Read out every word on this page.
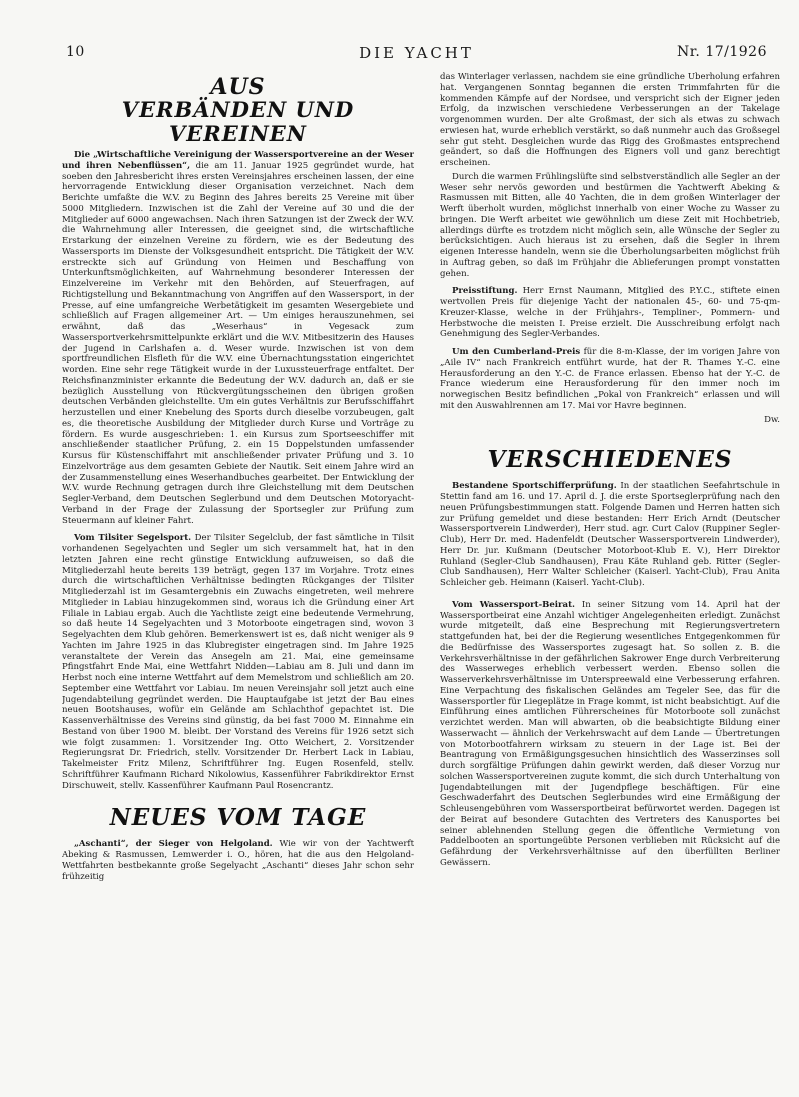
10	DIE YACHT	Nr. 17/1926
AUS
VERBÄNDEN UND VEREINEN

Die „Wirtschaftliche Vereinigung der Wassersportvereine an der Weser und ihren Nebenflüssen“, die am 11. Januar 1925 gegründet wurde, hat soeben den Jahresbericht ihres ersten Vereinsjahres erscheinen lassen, der eine hervorragende Entwicklung dieser Organisation verzeichnet. Nach dem Berichte umfaßte die W.V. zu Beginn des Jahres bereits 25 Vereine mit über 5000 Mitgliedern. Inzwischen ist die Zahl der Vereine auf 30 und die der Mitglieder auf 6000 angewachsen. Nach ihren Satzungen ist der Zweck der W.V. die Wahrnehmung aller Interessen, die geeignet sind, die wirtschaftliche Erstarkung der einzelnen Vereine zu fördern, wie es der Bedeutung des Wassersports im Dienste der Volksgesundheit entspricht. Die Tätigkeit der W.V. erstreckte sich auf Gründung von Heimen und Beschaffung von Unterkunftsmöglichkeiten, auf Wahrnehmung besonderer Interessen der Einzelvereine im Verkehr mit den Behörden, auf Steuerfragen, auf Richtigstellung und Bekanntmachung von Angriffen auf den Wassersport, in der Presse, auf eine umfangreiche Werbetätigkeit im gesamten Wesergebiete und schließlich auf Fragen allgemeiner Art. — Um einiges herauszunehmen, sei erwähnt, daß das „Weserhaus“ in Vegesack zum Wassersportverkehrsmittelpunkte erklärt und die W.V. Mitbesitzerin des Hauses der Jugend in Carlshafen a. d. Weser wurde. Inzwischen ist von dem sportfreundlichen Elsfleth für die W.V. eine Übernachtungsstation eingerichtet worden. Eine sehr rege Tätigkeit wurde in der Luxussteuerfrage entfaltet. Der Reichsfinanzminister erkannte die Bedeutung der W.V. dadurch an, daß er sie bezüglich Ausstellung von Rückvergütungsscheinen den übrigen großen deutschen Verbänden gleichstellte. Um ein gutes Verhältnis zur Berufsschiffahrt herzustellen und einer Knebelung des Sports durch dieselbe vorzubeugen, galt es, die theoretische Ausbildung der Mitglieder durch Kurse und Vorträge zu fördern. Es wurde ausgeschrieben: 1. ein Kursus zum Sportseeschiffer mit anschließender staatlicher Prüfung, 2. ein 15 Doppelstunden umfassender Kursus für Küstenschiffahrt mit anschließender privater Prüfung und 3. 10 Einzelvorträge aus dem gesamten Gebiete der Nautik. Seit einem Jahre wird an der Zusammenstellung eines Weserhandbuches gearbeitet. Der Entwicklung der W.V. wurde Rechnung getragen durch ihre Gleichstellung mit dem Deutschen Segler-Verband, dem Deutschen Seglerbund und dem Deutschen Motoryacht-Verband in der Frage der Zulassung der Sportsegler zur Prüfung zum Steuermann auf kleiner Fahrt.

Vom Tilsiter Segelsport. Der Tilsiter Segelclub, der fast sämtliche in Tilsit vorhandenen Segelyachten und Segler um sich versammelt hat, hat in den letzten Jahren eine recht günstige Entwicklung aufzuweisen, so daß die Mitgliederzahl heute bereits 139 beträgt, gegen 137 im Vorjahre. Trotz eines durch die wirtschaftlichen Verhältnisse bedingten Rückganges der Tilsiter Mitgliederzahl ist im Gesamtergebnis ein Zuwachs eingetreten, weil mehrere Mitglieder in Labiau hinzugekommen sind, woraus ich die Gründung einer Art Filiale in Labiau ergab. Auch die Yachtliste zeigt eine bedeutende Vermehrung, so daß heute 14 Segelyachten und 3 Motorboote eingetragen sind, wovon 3 Segelyachten dem Klub gehören. Bemerkenswert ist es, daß nicht weniger als 9 Yachten im Jahre 1925 in das Klubregister eingetragen sind. Im Jahre 1925 veranstaltete der Verein das Ansegeln am 21. Mai, eine gemeinsame Pfingstfahrt Ende Mai, eine Wettfahrt Nidden—Labiau am 8. Juli und dann im Herbst noch eine interne Wettfahrt auf dem Memelstrom und schließlich am 20. September eine Wettfahrt vor Labiau. Im neuen Vereinsjahr soll jetzt auch eine Jugendabteilung gegründet werden. Die Hauptaufgabe ist jetzt der Bau eines neuen Bootshauses, wofür ein Gelände am Schlachthof gepachtet ist. Die Kassenverhältnisse des Vereins sind günstig, da bei fast 7000 M. Einnahme ein Bestand von über 1900 M. bleibt. Der Vorstand des Vereins für 1926 setzt sich wie folgt zusammen: 1. Vorsitzender Ing. Otto Weichert, 2. Vorsitzender Regierungsrat Dr. Friedrich, stellv. Vorsitzender Dr. Herbert Lack in Labiau, Takelmeister Fritz Milenz, Schriftführer Ing. Eugen Rosenfeld, stellv. Schriftführer Kaufmann Richard Nikolowius, Kassenführer Fabrikdirektor Ernst Dirschuweit, stellv. Kassenführer Kaufmann Paul Rosencrantz.

NEUES VOM TAGE

„Aschanti“, der Sieger von Helgoland. Wie wir von der Yachtwerft Abeking & Rasmussen, Lemwerder i. O., hören, hat die aus den Helgoland-Wettfahrten bestbekannte große Segelyacht „Aschanti“ dieses Jahr schon sehr frühzeitig

das Winterlager verlassen, nachdem sie eine gründliche Überholung erfahren hat. Vergangenen Sonntag begannen die ersten Trimmfahrten für die kommenden Kämpfe auf der Nordsee, und verspricht sich der Eigner jeden Erfolg, da inzwischen verschiedene Verbesserungen an der Takelage vorgenommen wurden. Der alte Großmast, der sich als etwas zu schwach erwiesen hat, wurde erheblich verstärkt, so daß nunmehr auch das Großsegel sehr gut steht. Desgleichen wurde das Rigg des Großmastes entsprechend geändert, so daß die Hoffnungen des Eigners voll und ganz berechtigt erscheinen.

Durch die warmen Frühlingslüfte sind selbstverständlich alle Segler an der Weser sehr nervös geworden und bestürmen die Yachtwerft Abeking & Rasmussen mit Bitten, alle 40 Yachten, die in dem großen Winterlager der Werft überholt wurden, möglichst innerhalb von einer Woche zu Wasser zu bringen. Die Werft arbeitet wie gewöhnlich um diese Zeit mit Hochbetrieb, allerdings dürfte es trotzdem nicht möglich sein, alle Wünsche der Segler zu berücksichtigen. Auch hieraus ist zu ersehen, daß die Segler in ihrem eigenen Interesse handeln, wenn sie die Überholungsarbeiten möglichst früh in Auftrag geben, so daß im Frühjahr die Ablieferungen prompt vonstatten gehen.

Preisstiftung. Herr Ernst Naumann, Mitglied des P.Y.C., stiftete einen wertvollen Preis für diejenige Yacht der nationalen 45-, 60- und 75-qm-Kreuzer-Klasse, welche in der Frühjahrs-, Templiner-, Pommern- und Herbstwoche die meisten I. Preise erzielt. Die Ausschreibung erfolgt nach Genehmigung des Segler-Verbandes.

Um den Cumberland-Preis für die 8-m-Klasse, der im vorigen Jahre von „Aile IV“ nach Frankreich entführt wurde, hat der R. Thames Y.-C. eine Herausforderung an den Y.-C. de France erlassen. Ebenso hat der Y.-C. de France wiederum eine Herausforderung für den immer noch im norwegischen Besitz befindlichen „Pokal von Frankreich“ erlassen und will mit den Auswahlrennen am 17. Mai vor Havre beginnen.

Dw.

VERSCHIEDENES

Bestandene Sportschifferprüfung. In der staatlichen Seefahrtschule in Stettin fand am 16. und 17. April d. J. die erste Sportseglerprüfung nach den neuen Prüfungsbestimmungen statt. Folgende Damen und Herren hatten sich zur Prüfung gemeldet und diese bestanden: Herr Erich Arndt (Deutscher Wassersportverein Lindwerder), Herr stud. agr. Curt Calov (Ruppiner Segler-Club), Herr Dr. med. Hadenfeldt (Deutscher Wassersportverein Lindwerder), Herr Dr. jur. Kußmann (Deutscher Motorboot-Klub E. V.), Herr Direktor Ruhland (Segler-Club Sandhausen), Frau Käte Ruhland geb. Ritter (Segler-Club Sandhausen), Herr Walter Schleicher (Kaiserl. Yacht-Club), Frau Anita Schleicher geb. Heimann (Kaiserl. Yacht-Club).

Vom Wassersport-Beirat. In seiner Sitzung vom 14. April hat der Wassersportbeirat eine Anzahl wichtiger Angelegenheiten erledigt. Zunächst wurde mitgeteilt, daß eine Besprechung mit Regierungsvertretern stattgefunden hat, bei der die Regierung wesentliches Entgegenkommen für die Bedürfnisse des Wassersportes zugesagt hat. So sollen z. B. die Verkehrsverhältnisse in der gefährlichen Sakrower Enge durch Verbreiterung des Wasserweges erheblich verbessert werden. Ebenso sollen die Wasserverkehrsverhältnisse im Unterspreewald eine Verbesserung erfahren. Eine Verpachtung des fiskalischen Geländes am Tegeler See, das für die Wassersportler für Liegeplätze in Frage kommt, ist nicht beabsichtigt. Auf die Einführung eines amtlichen Führerscheines für Motorboote soll zunächst verzichtet werden. Man will abwarten, ob die beabsichtigte Bildung einer Wasserwacht — ähnlich der Verkehrswacht auf dem Lande — Übertretungen von Motorbootfahrern wirksam zu steuern in der Lage ist. Bei der Beantragung von Ermäßigungsgesuchen hinsichtlich des Wasserzinses soll durch sorgfältige Prüfungen dahin gewirkt werden, daß dieser Vorzug nur solchen Wassersportvereinen zugute kommt, die sich durch Unterhaltung von Jugendabteilungen mit der Jugendpflege beschäftigen. Für eine Geschwaderfahrt des Deutschen Seglerbundes wird eine Ermäßigung der Schleusengebühren vom Wassersportbeirat befürwortet werden. Dagegen ist der Beirat auf besondere Gutachten des Vertreters des Kanusportes bei seiner ablehnenden Stellung gegen die öffentliche Vermietung von Paddelbooten an sportungeübte Personen verblieben mit Rücksicht auf die Gefährdung der Verkehrsverhältnisse auf den überfüllten Berliner Gewässern.
